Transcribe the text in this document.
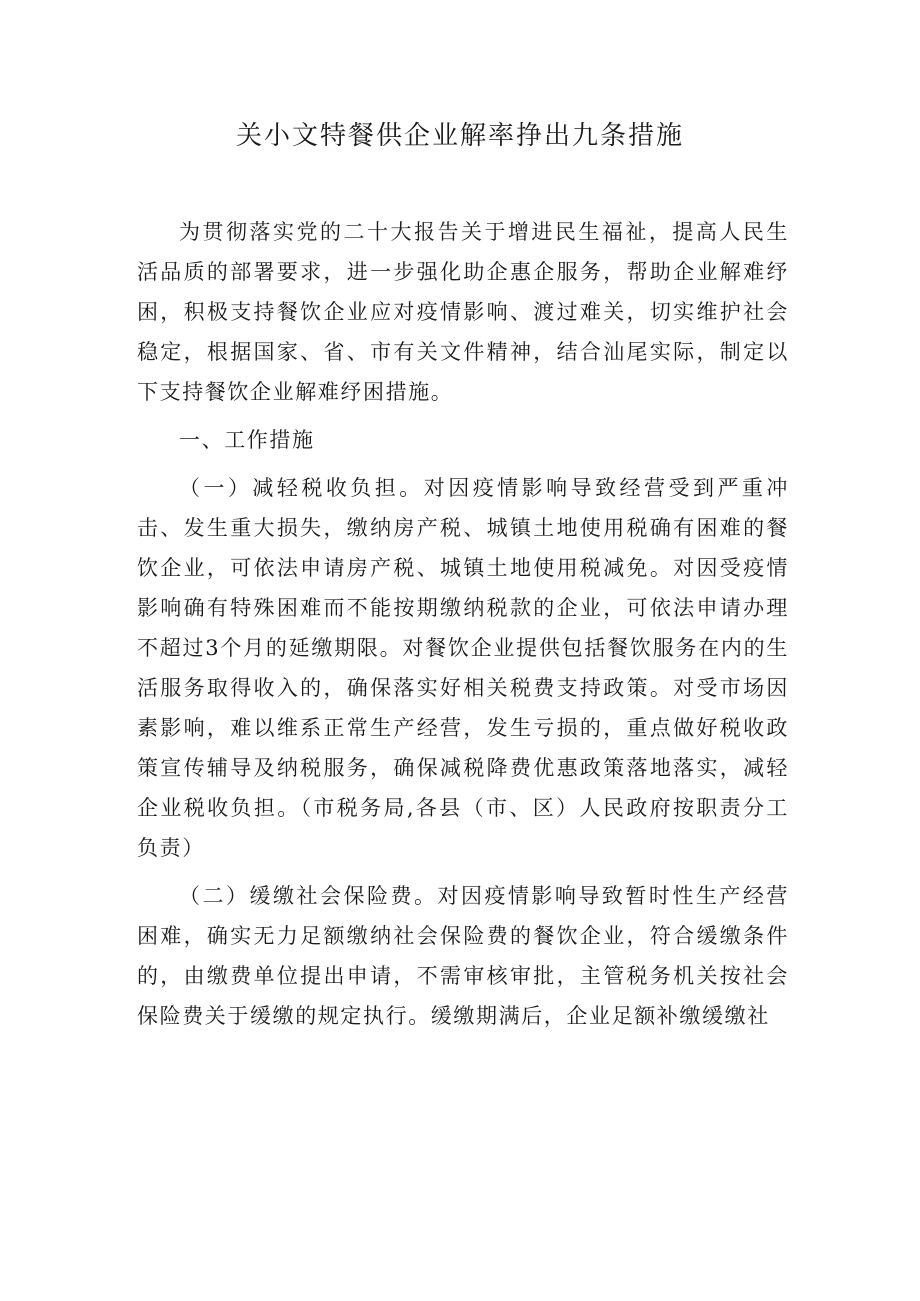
关小文特餐供企业解率挣出九条措施

为贯彻落实党的二十大报告关于增进民生福祉，提高人民生活品质的部署要求，进一步强化助企惠企服务，帮助企业解难纾困，积极支持餐饮企业应对疫情影响、渡过难关，切实维护社会稳定，根据国家、省、市有关文件精神，结合汕尾实际，制定以下支持餐饮企业解难纾困措施。

一、工作措施

（一）减轻税收负担。对因疫情影响导致经营受到严重冲击、发生重大损失，缴纳房产税、城镇土地使用税确有困难的餐饮企业，可依法申请房产税、城镇土地使用税减免。对因受疫情影响确有特殊困难而不能按期缴纳税款的企业，可依法申请办理不超过3个月的延缴期限。对餐饮企业提供包括餐饮服务在内的生活服务取得收入的，确保落实好相关税费支持政策。对受市场因素影响，难以维系正常生产经营，发生亏损的，重点做好税收政策宣传辅导及纳税服务，确保减税降费优惠政策落地落实，减轻企业税收负担。（市税务局,各县（市、区）人民政府按职责分工负责）

（二）缓缴社会保险费。对因疫情影响导致暂时性生产经营困难，确实无力足额缴纳社会保险费的餐饮企业，符合缓缴条件的，由缴费单位提出申请，不需审核审批，主管税务机关按社会保险费关于缓缴的规定执行。缓缴期满后，企业足额补缴缓缴社
